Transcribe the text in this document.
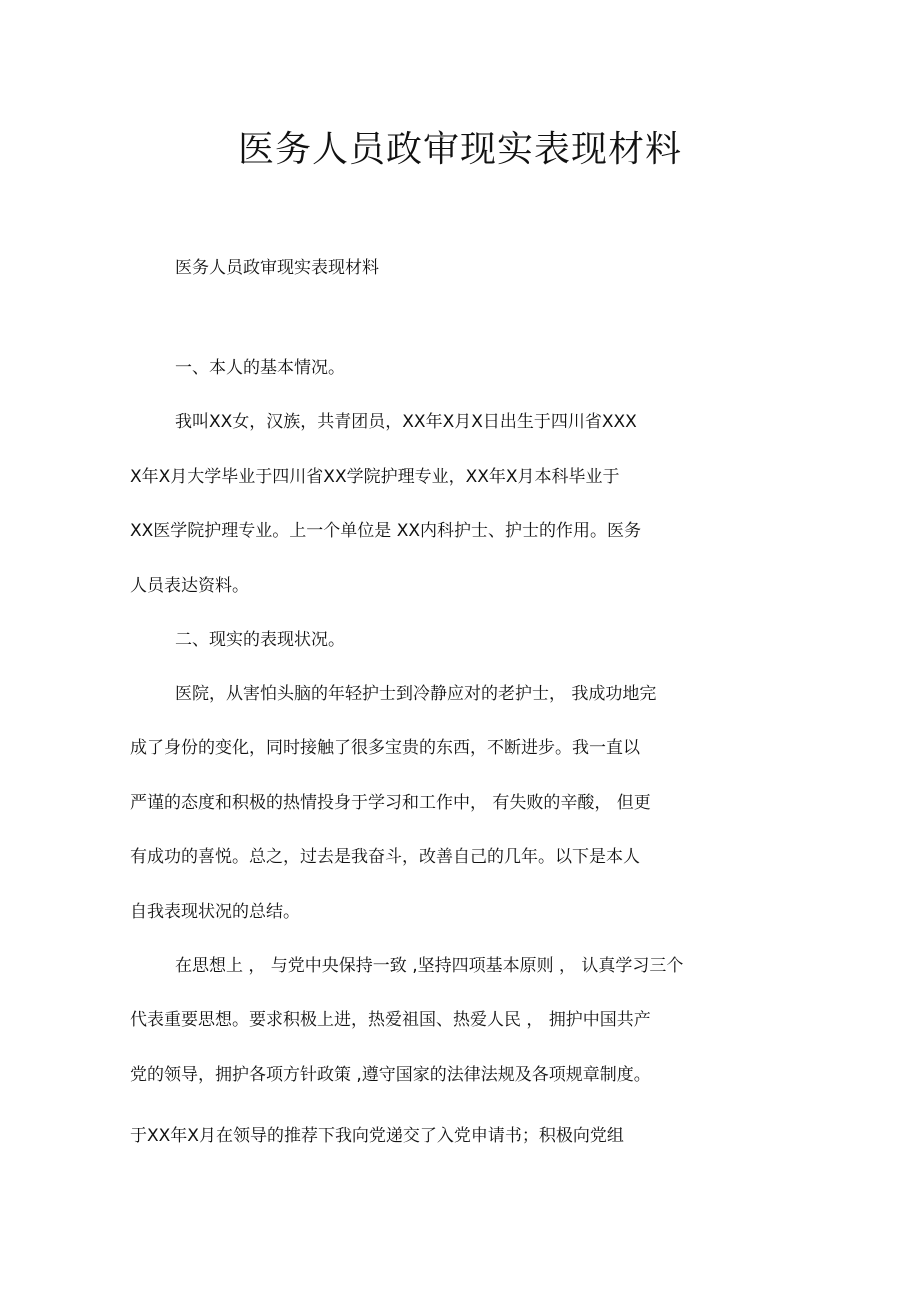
医务人员政审现实表现材料

医务人员政审现实表现材料

一、本人的基本情况。

我叫XX女，汉族，共青团员，XX年X月X日出生于四川省XXX

X年X月大学毕业于四川省XX学院护理专业，XX年X月本科毕业于

XX医学院护理专业。上一个单位是 XX内科护士、护士的作用。医务

人员表达资料。

二、现实的表现状况。

医院，从害怕头脑的年轻护士到冷静应对的老护士， 我成功地完

成了身份的变化，同时接触了很多宝贵的东西，不断进步。我一直以

严谨的态度和积极的热情投身于学习和工作中， 有失败的辛酸， 但更

有成功的喜悦。总之，过去是我奋斗，改善自己的几年。以下是本人

自我表现状况的总结。

在思想上 ， 与党中央保持一致 ,坚持四项基本原则 ， 认真学习三个

代表重要思想。要求积极上进，热爱祖国、热爱人民 ， 拥护中国共产

党的领导，拥护各项方针政策 ,遵守国家的法律法规及各项规章制度。

于XX年X月在领导的推荐下我向党递交了入党申请书；积极向党组
